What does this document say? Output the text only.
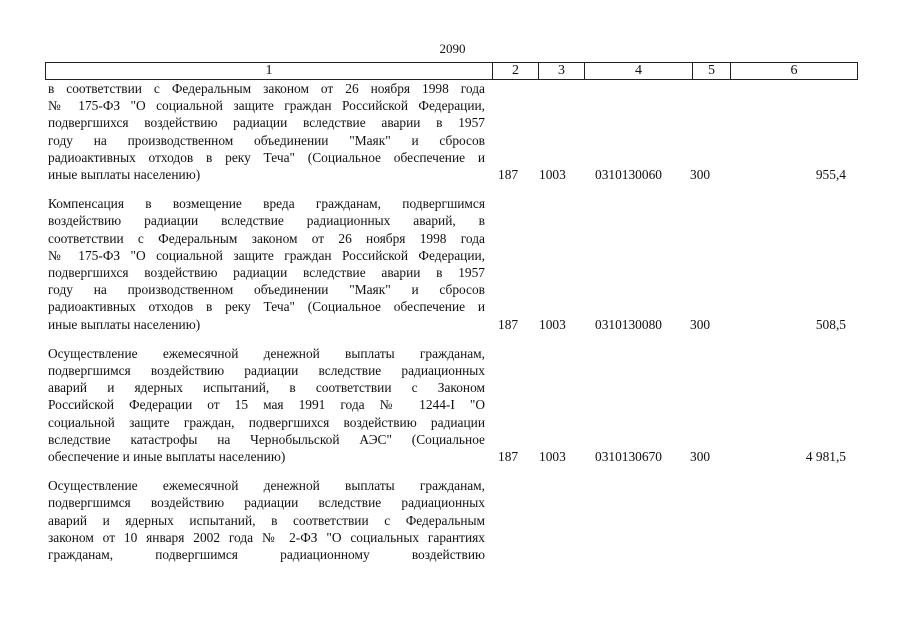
2090
1	2	3	4	5	6
в соответствии с Федеральным законом от 26 ноября 1998 года
№ 175-ФЗ "О социальной защите граждан Российской Федерации,
подвергшихся воздействию радиации вследствие аварии в 1957
году на производственном объединении "Маяк" и сбросов
радиоактивных отходов в реку Теча" (Социальное обеспечение и
иные выплаты населению)	187 1003 0310130060 300	955,4
Компенсация в возмещение вреда гражданам, подвергшимся
воздействию радиации вследствие радиационных аварий, в
соответствии с Федеральным законом от 26 ноября 1998 года
№ 175-ФЗ "О социальной защите граждан Российской Федерации,
подвергшихся воздействию радиации вследствие аварии в 1957
году на производственном объединении "Маяк" и сбросов
радиоактивных отходов в реку Теча" (Социальное обеспечение и
иные выплаты населению)	187 1003 0310130080 300	508,5
Осуществление ежемесячной денежной выплаты гражданам,
подвергшимся воздействию радиации вследствие радиационных
аварий и ядерных испытаний, в соответствии с Законом
Российской Федерации от 15 мая 1991 года № 1244-I "О
социальной защите граждан, подвергшихся воздействию радиации
вследствие катастрофы на Чернобыльской АЭС" (Социальное
обеспечение и иные выплаты населению)	187 1003 0310130670 300	4 981,5
Осуществление ежемесячной денежной выплаты гражданам,
подвергшимся воздействию радиации вследствие радиационных
аварий и ядерных испытаний, в соответствии с Федеральным
законом от 10 января 2002 года № 2-ФЗ "О социальных гарантиях
гражданам, подвергшимся радиационному воздействию
